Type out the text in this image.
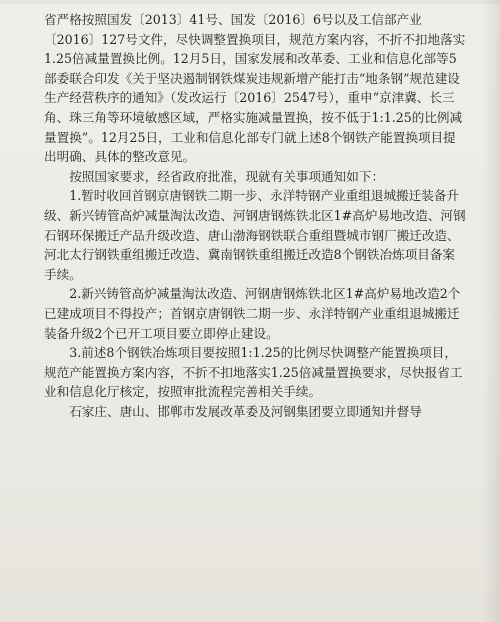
省严格按照国发〔2013〕41号、国发〔2016〕6号以及工信部产业〔2016〕127号文件，尽快调整置换项目，规范方案内容，不折不扣地落实1.25倍减量置换比例。12月5日，国家发展和改革委、工业和信息化部等5部委联合印发《关于坚决遏制钢铁煤炭违规新增产能打击“地条钢”规范建设生产经营秩序的通知》（发改运行〔2016〕2547号），重申“京津冀、长三角、珠三角等环境敏感区域，严格实施减量置换，按不低于1:1.25的比例减量置换”。12月25日，工业和信息化部专门就上述8个钢铁产能置换项目提出明确、具体的整改意见。

按照国家要求，经省政府批准，现就有关事项通知如下：

1.暂时收回首钢京唐钢铁二期一步、永洋特钢产业重组退城搬迁装备升级、新兴铸管高炉减量淘汰改造、河钢唐钢炼铁北区1#高炉易地改造、河钢石钢环保搬迁产品升级改造、唐山渤海钢铁联合重组暨城市钢厂搬迁改造、河北太行钢铁重组搬迁改造、冀南钢铁重组搬迁改造8个钢铁冶炼项目备案手续。

2.新兴铸管高炉减量淘汰改造、河钢唐钢炼铁北区1#高炉易地改造2个已建成项目不得投产；首钢京唐钢铁二期一步、永洋特钢产业重组退城搬迁装备升级2个已开工项目要立即停止建设。

3.前述8个钢铁冶炼项目要按照1:1.25的比例尽快调整产能置换项目，规范产能置换方案内容，不折不扣地落实1.25倍减量置换要求，尽快报省工业和信息化厅核定，按照审批流程完善相关手续。

石家庄、唐山、邯郸市发展改革委及河钢集团要立即通知并督导
